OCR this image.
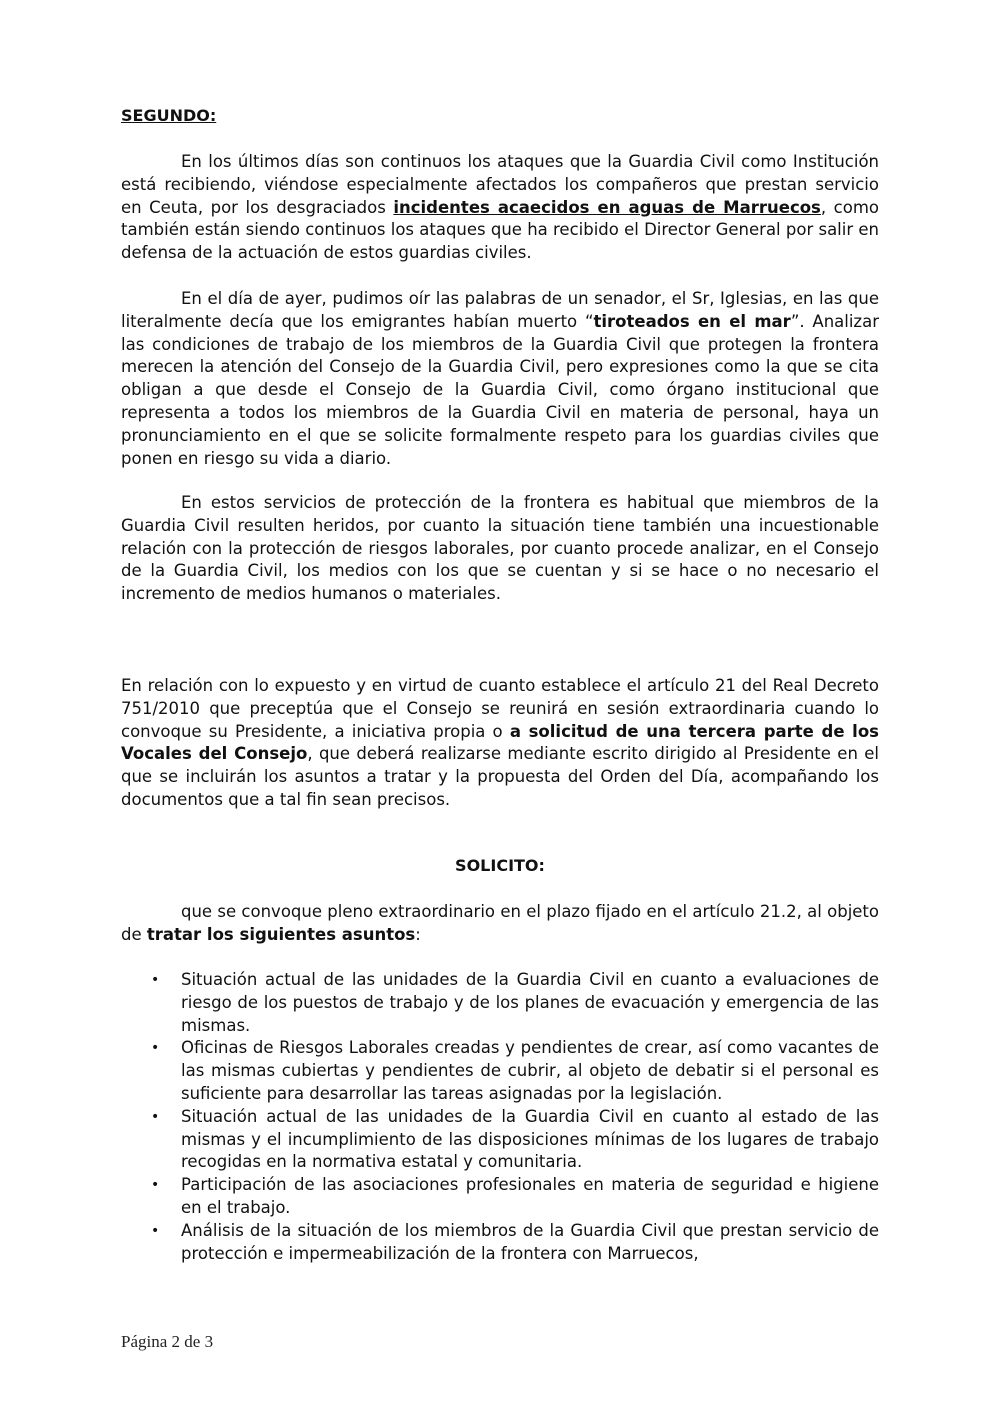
SEGUNDO:

En los últimos días son continuos los ataques que la Guardia Civil como Institución está recibiendo, viéndose especialmente afectados los compañeros que prestan servicio en Ceuta, por los desgraciados incidentes acaecidos en aguas de Marruecos, como también están siendo continuos los ataques que ha recibido el Director General por salir en defensa de la actuación de estos guardias civiles.

En el día de ayer, pudimos oír las palabras de un senador, el Sr, Iglesias, en las que literalmente decía que los emigrantes habían muerto “tiroteados en el mar”. Analizar las condiciones de trabajo de los miembros de la Guardia Civil que protegen la frontera merecen la atención del Consejo de la Guardia Civil, pero expresiones como la que se cita obligan a que desde el Consejo de la Guardia Civil, como órgano institucional que representa a todos los miembros de la Guardia Civil en materia de personal, haya un pronunciamiento en el que se solicite formalmente respeto para los guardias civiles que ponen en riesgo su vida a diario.

En estos servicios de protección de la frontera es habitual que miembros de la Guardia Civil resulten heridos, por cuanto la situación tiene también una incuestionable relación con la protección de riesgos laborales, por cuanto procede analizar, en el Consejo de la Guardia Civil, los medios con los que se cuentan y si se hace o no necesario el incremento de medios humanos o materiales.

En relación con lo expuesto y en virtud de cuanto establece el artículo 21 del Real Decreto 751/2010 que preceptúa que el Consejo se reunirá en sesión extraordinaria cuando lo convoque su Presidente, a iniciativa propia o a solicitud de una tercera parte de los Vocales del Consejo, que deberá realizarse mediante escrito dirigido al Presidente en el que se incluirán los asuntos a tratar y la propuesta del Orden del Día, acompañando los documentos que a tal fin sean precisos.

SOLICITO:

que se convoque pleno extraordinario en el plazo fijado en el artículo 21.2, al objeto de tratar los siguientes asuntos:

• Situación actual de las unidades de la Guardia Civil en cuanto a evaluaciones de riesgo de los puestos de trabajo y de los planes de evacuación y emergencia de las mismas.
• Oficinas de Riesgos Laborales creadas y pendientes de crear, así como vacantes de las mismas cubiertas y pendientes de cubrir, al objeto de debatir si el personal es suficiente para desarrollar las tareas asignadas por la legislación.
• Situación actual de las unidades de la Guardia Civil en cuanto al estado de las mismas y el incumplimiento de las disposiciones mínimas de los lugares de trabajo recogidas en la normativa estatal y comunitaria.
• Participación de las asociaciones profesionales en materia de seguridad e higiene en el trabajo.
• Análisis de la situación de los miembros de la Guardia Civil que prestan servicio de protección e impermeabilización de la frontera con Marruecos,
Página 2 de 3
